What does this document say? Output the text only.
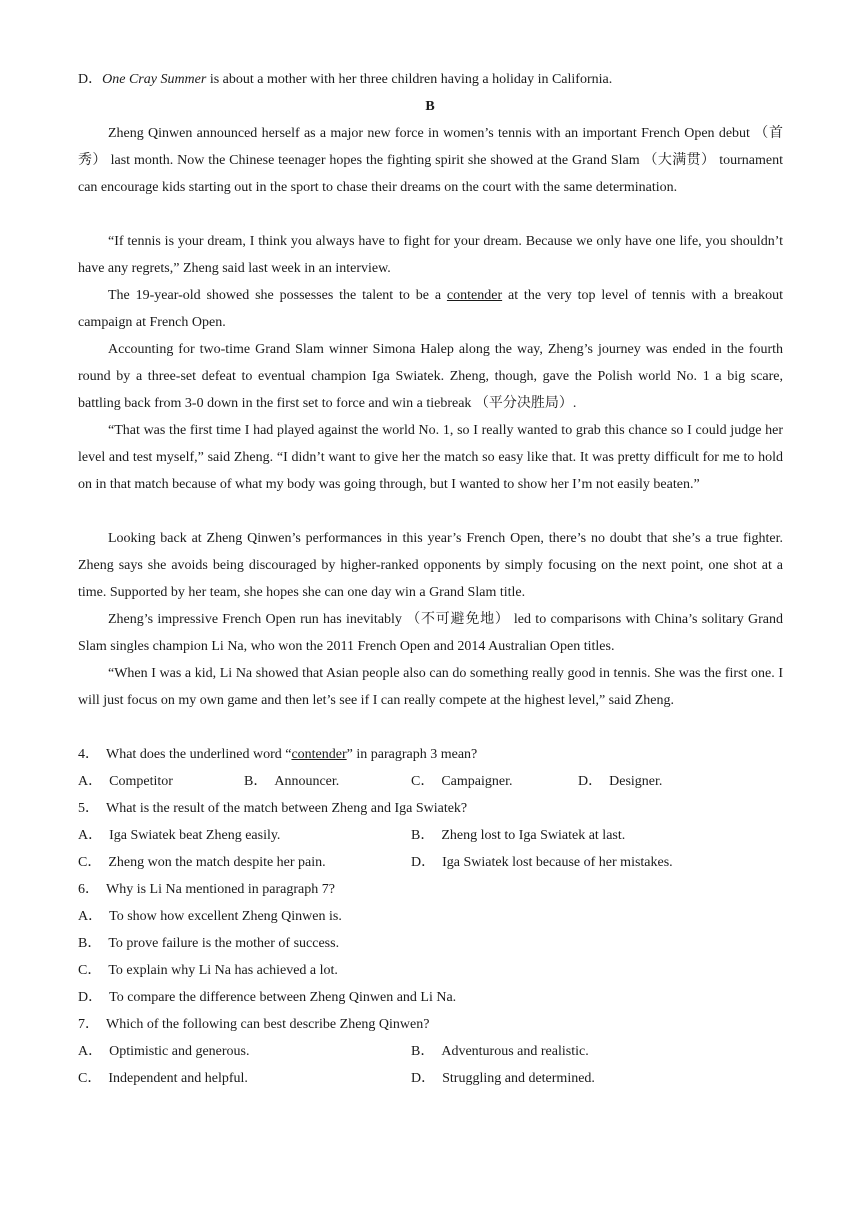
D．One Cray Summer is about a mother with her three children having a holiday in California.
B
Zheng Qinwen announced herself as a major new force in women’s tennis with an important French Open debut （首秀） last month. Now the Chinese teenager hopes the fighting spirit she showed at the Grand Slam （大满贯） tournament can encourage kids starting out in the sport to chase their dreams on the court with the same determination.
“If tennis is your dream, I think you always have to fight for your dream. Because we only have one life, you shouldn’t have any regrets,” Zheng said last week in an interview.
The 19-year-old showed she possesses the talent to be a contender at the very top level of tennis with a breakout campaign at French Open.
Accounting for two-time Grand Slam winner Simona Halep along the way, Zheng’s journey was ended in the fourth round by a three-set defeat to eventual champion Iga Swiatek. Zheng, though, gave the Polish world No. 1 a big scare, battling back from 3-0 down in the first set to force and win a tiebreak （平分决胜局）.
“That was the first time I had played against the world No. 1, so I really wanted to grab this chance so I could judge her level and test myself,” said Zheng. “I didn’t want to give her the match so easy like that. It was pretty difficult for me to hold on in that match because of what my body was going through, but I wanted to show her I’m not easily beaten.”
Looking back at Zheng Qinwen’s performances in this year’s French Open, there’s no doubt that she’s a true fighter. Zheng says she avoids being discouraged by higher-ranked opponents by simply focusing on the next point, one shot at a time. Supported by her team, she hopes she can one day win a Grand Slam title.
Zheng’s impressive French Open run has inevitably （不可避免地） led to comparisons with China’s solitary Grand Slam singles champion Li Na, who won the 2011 French Open and 2014 Australian Open titles.
“When I was a kid, Li Na showed that Asian people also can do something really good in tennis. She was the first one. I will just focus on my own game and then let’s see if I can really compete at the highest level,” said Zheng.
4． What does the underlined word “contender” in paragraph 3 mean?
A． Competitor	B． Announcer.	C． Campaigner.	D． Designer.
5． What is the result of the match between Zheng and Iga Swiatek?
A． Iga Swiatek beat Zheng easily.	B． Zheng lost to Iga Swiatek at last.
C． Zheng won the match despite her pain.	D． Iga Swiatek lost because of her mistakes.
6． Why is Li Na mentioned in paragraph 7?
A． To show how excellent Zheng Qinwen is.
B． To prove failure is the mother of success.
C． To explain why Li Na has achieved a lot.
D． To compare the difference between Zheng Qinwen and Li Na.
7． Which of the following can best describe Zheng Qinwen?
A． Optimistic and generous.	B． Adventurous and realistic.
C． Independent and helpful.	D． Struggling and determined.
